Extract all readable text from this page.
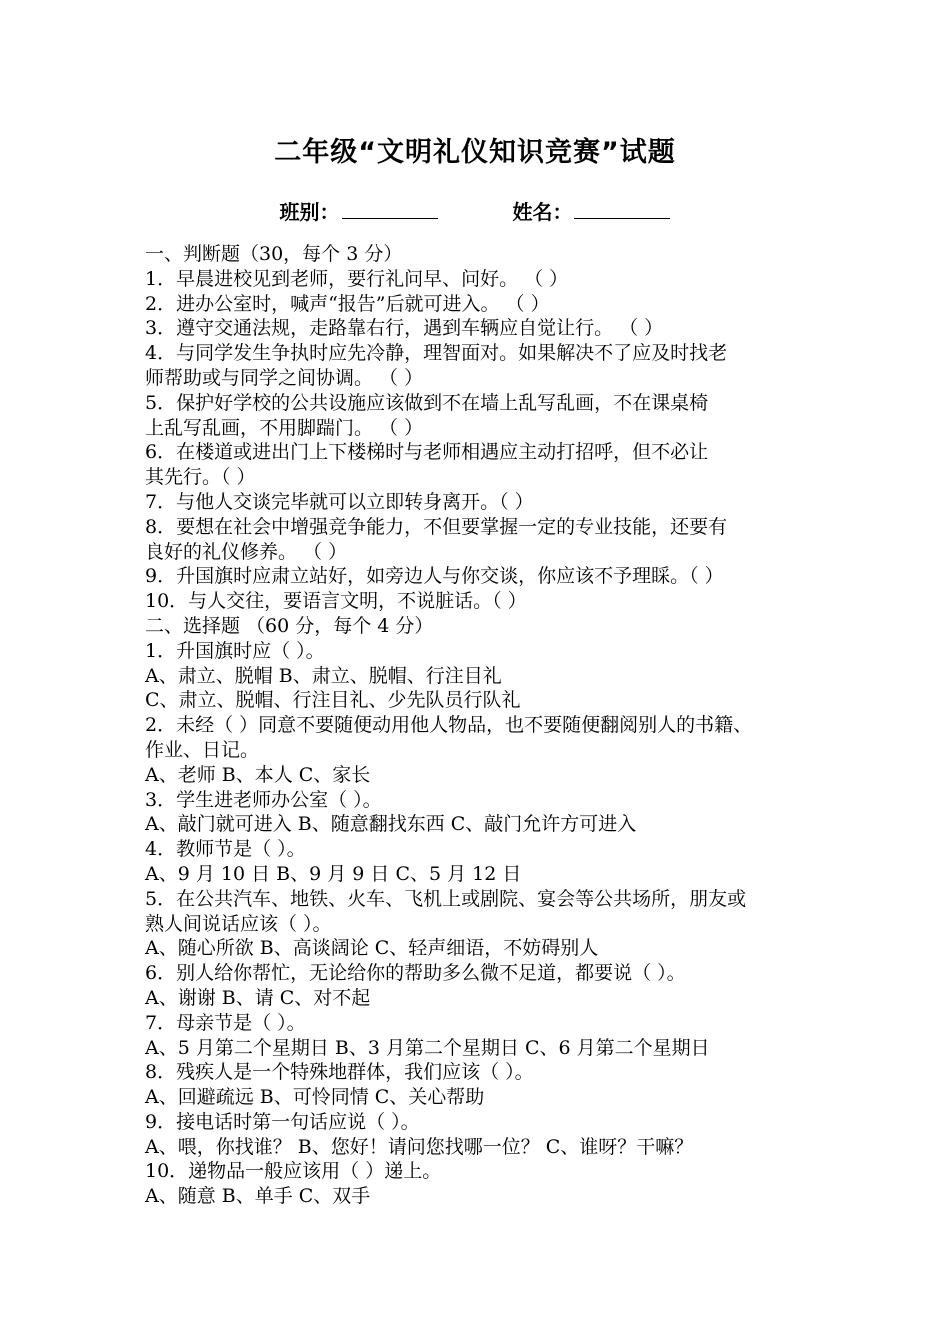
二年级“文明礼仪知识竞赛”试题
班别：	姓名：
一、判断题（30，每个 3 分）
1．早晨进校见到老师，要行礼问早、问好。 （ ）
2．进办公室时，喊声“报告”后就可进入。 （ ）
3．遵守交通法规，走路靠右行，遇到车辆应自觉让行。 （ ）
4．与同学发生争执时应先冷静，理智面对。如果解决不了应及时找老
师帮助或与同学之间协调。 （ ）
5．保护好学校的公共设施应该做到不在墙上乱写乱画，不在课桌椅
上乱写乱画，不用脚踹门。 （ ）
6．在楼道或进出门上下楼梯时与老师相遇应主动打招呼，但不必让
其先行。（ ）
7．与他人交谈完毕就可以立即转身离开。（ ）
8．要想在社会中增强竞争能力，不但要掌握一定的专业技能，还要有
良好的礼仪修养。 （ ）
9．升国旗时应肃立站好，如旁边人与你交谈，你应该不予理睬。（ ）
10．与人交往，要语言文明，不说脏话。（ ）
二、选择题 （60 分，每个 4 分）
1．升国旗时应（ ）。
A、肃立、脱帽 B、肃立、脱帽、行注目礼
C、肃立、脱帽、行注目礼、少先队员行队礼
2．未经（ ）同意不要随便动用他人物品，也不要随便翻阅别人的书籍、
作业、日记。
A、老师 B、本人 C、家长
3．学生进老师办公室（ ）。
A、敲门就可进入 B、随意翻找东西 C、敲门允许方可进入
4．教师节是（ ）。
A、9 月 10 日 B、9 月 9 日 C、5 月 12 日
5．在公共汽车、地铁、火车、飞机上或剧院、宴会等公共场所，朋友或
熟人间说话应该（ ）。
A、随心所欲 B、高谈阔论 C、轻声细语，不妨碍别人
6．别人给你帮忙，无论给你的帮助多么微不足道，都要说（ ）。
A、谢谢 B、请 C、对不起
7．母亲节是（ ）。
A、5 月第二个星期日 B、3 月第二个星期日 C、6 月第二个星期日
8．残疾人是一个特殊地群体，我们应该（ ）。
A、回避疏远 B、可怜同情 C、关心帮助
9．接电话时第一句话应说（ ）。
A、喂，你找谁？ B、您好！请问您找哪一位？ C、谁呀？干嘛？
10．递物品一般应该用（ ）递上。
A、随意 B、单手 C、双手
